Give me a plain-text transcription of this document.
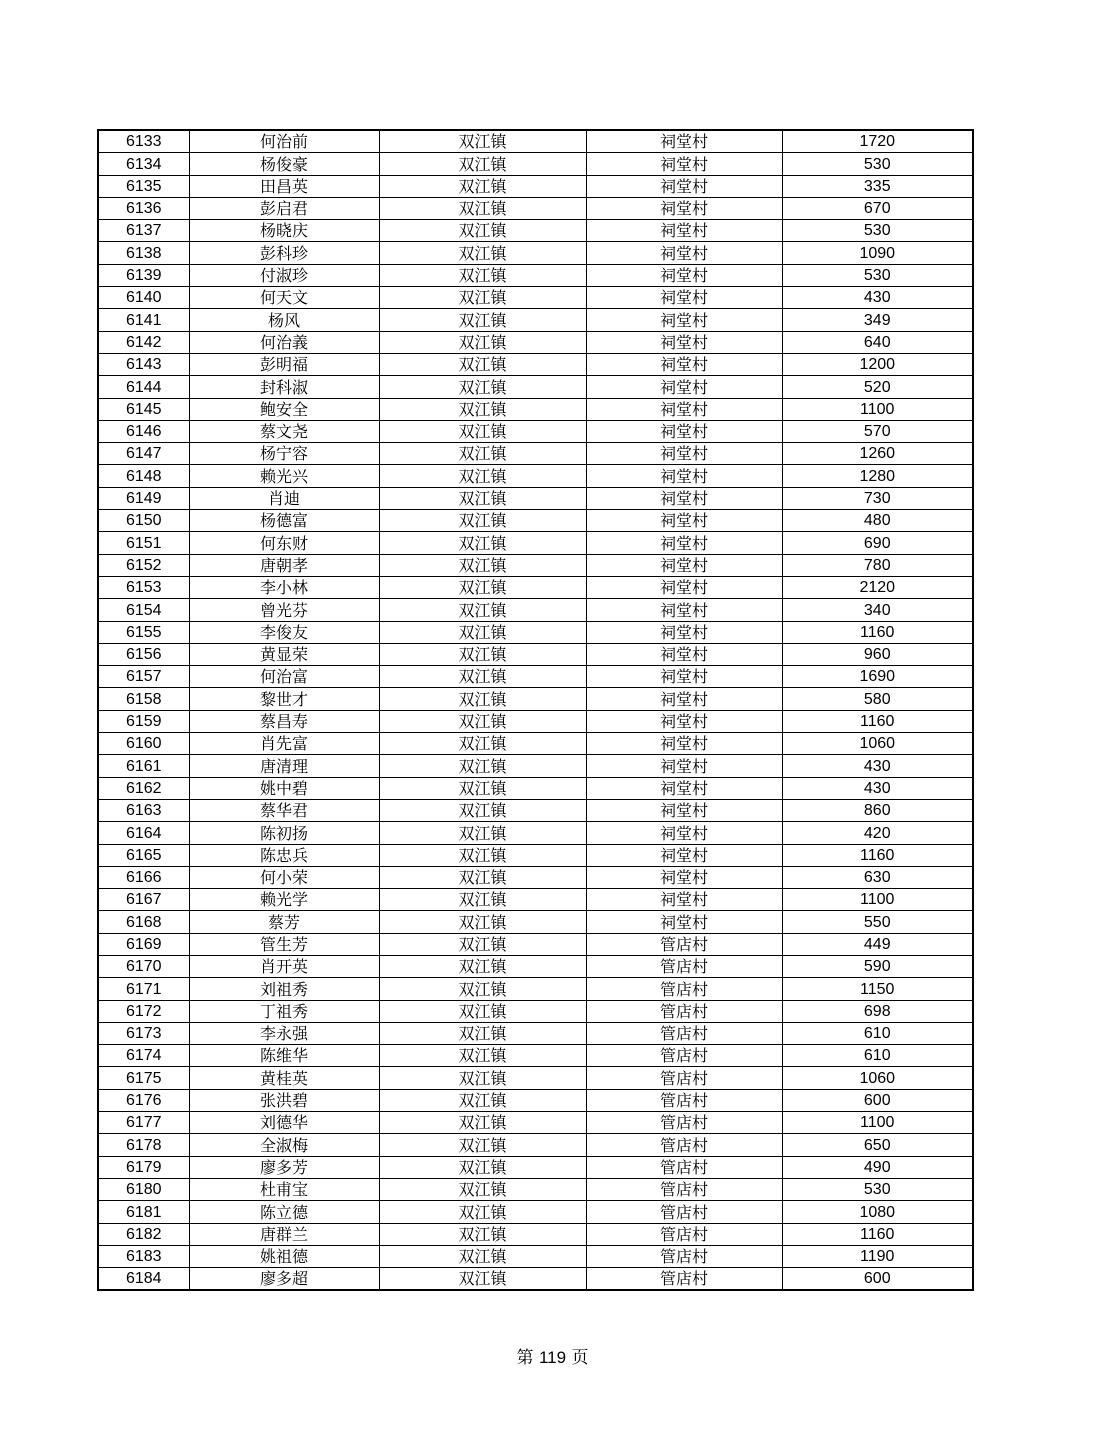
6133	何治前	双江镇	祠堂村	1720
6134	杨俊豪	双江镇	祠堂村	530
6135	田昌英	双江镇	祠堂村	335
6136	彭启君	双江镇	祠堂村	670
6137	杨晓庆	双江镇	祠堂村	530
6138	彭科珍	双江镇	祠堂村	1090
6139	付淑珍	双江镇	祠堂村	530
6140	何天文	双江镇	祠堂村	430
6141	杨风	双江镇	祠堂村	349
6142	何治義	双江镇	祠堂村	640
6143	彭明福	双江镇	祠堂村	1200
6144	封科淑	双江镇	祠堂村	520
6145	鲍安全	双江镇	祠堂村	1100
6146	蔡文尧	双江镇	祠堂村	570
6147	杨宁容	双江镇	祠堂村	1260
6148	赖光兴	双江镇	祠堂村	1280
6149	肖迪	双江镇	祠堂村	730
6150	杨德富	双江镇	祠堂村	480
6151	何东财	双江镇	祠堂村	690
6152	唐朝孝	双江镇	祠堂村	780
6153	李小林	双江镇	祠堂村	2120
6154	曾光芬	双江镇	祠堂村	340
6155	李俊友	双江镇	祠堂村	1160
6156	黄显荣	双江镇	祠堂村	960
6157	何治富	双江镇	祠堂村	1690
6158	黎世才	双江镇	祠堂村	580
6159	蔡昌寿	双江镇	祠堂村	1160
6160	肖先富	双江镇	祠堂村	1060
6161	唐清理	双江镇	祠堂村	430
6162	姚中碧	双江镇	祠堂村	430
6163	蔡华君	双江镇	祠堂村	860
6164	陈初扬	双江镇	祠堂村	420
6165	陈忠兵	双江镇	祠堂村	1160
6166	何小荣	双江镇	祠堂村	630
6167	赖光学	双江镇	祠堂村	1100
6168	蔡芳	双江镇	祠堂村	550
6169	管生芳	双江镇	管店村	449
6170	肖开英	双江镇	管店村	590
6171	刘祖秀	双江镇	管店村	1150
6172	丁祖秀	双江镇	管店村	698
6173	李永强	双江镇	管店村	610
6174	陈维华	双江镇	管店村	610
6175	黄桂英	双江镇	管店村	1060
6176	张洪碧	双江镇	管店村	600
6177	刘德华	双江镇	管店村	1100
6178	全淑梅	双江镇	管店村	650
6179	廖多芳	双江镇	管店村	490
6180	杜甫宝	双江镇	管店村	530
6181	陈立德	双江镇	管店村	1080
6182	唐群兰	双江镇	管店村	1160
6183	姚祖德	双江镇	管店村	1190
6184	廖多超	双江镇	管店村	600
第 119 页
